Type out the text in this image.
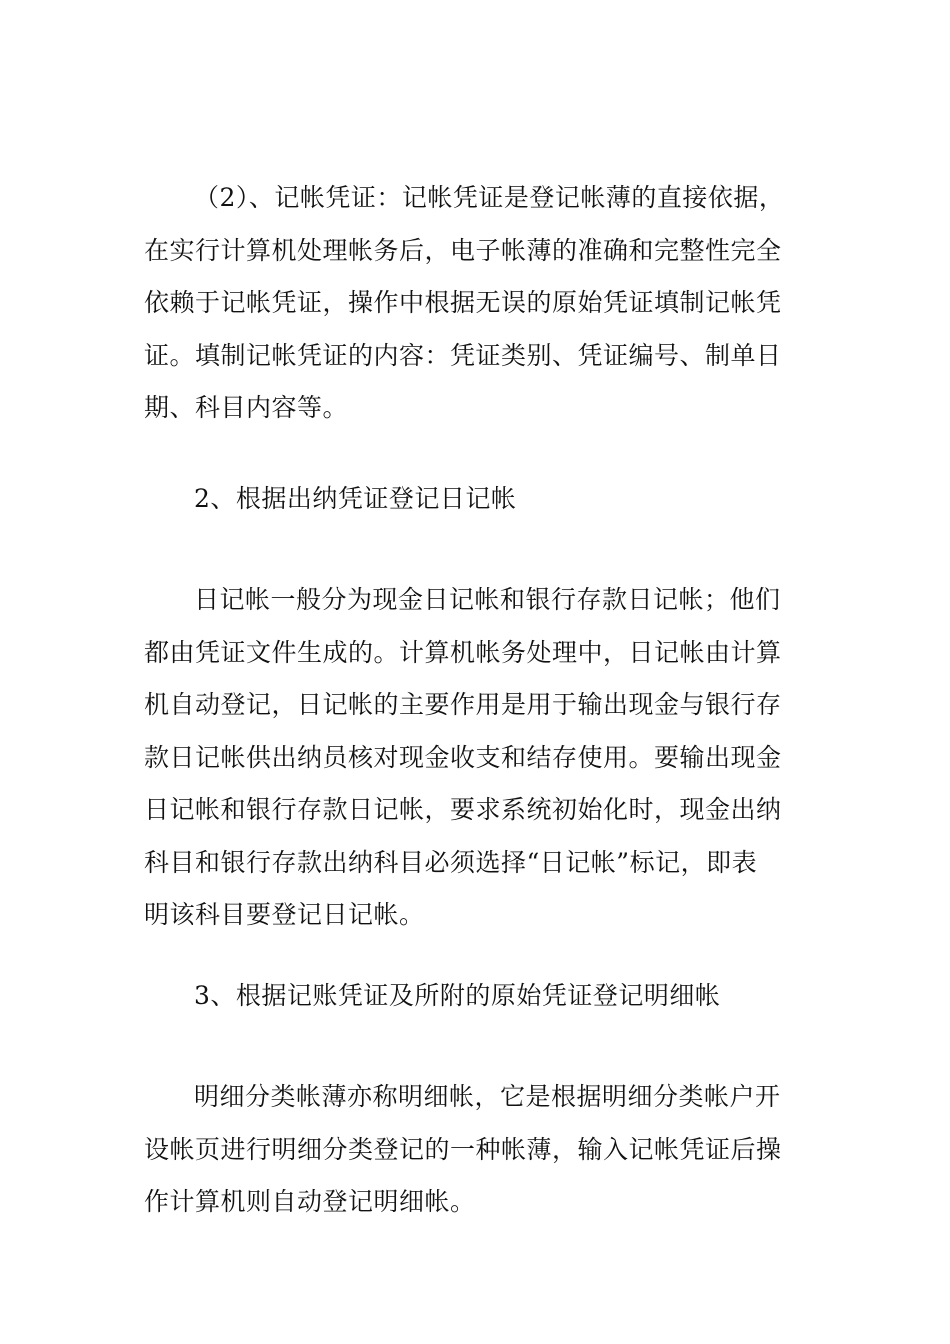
（2）、记帐凭证：记帐凭证是登记帐薄的直接依据，
在实行计算机处理帐务后，电子帐薄的准确和完整性完全
依赖于记帐凭证，操作中根据无误的原始凭证填制记帐凭
证。填制记帐凭证的内容：凭证类别、凭证编号、制单日
期、科目内容等。
2、根据出纳凭证登记日记帐
日记帐一般分为现金日记帐和银行存款日记帐；他们
都由凭证文件生成的。计算机帐务处理中，日记帐由计算
机自动登记，日记帐的主要作用是用于输出现金与银行存
款日记帐供出纳员核对现金收支和结存使用。要输出现金
日记帐和银行存款日记帐，要求系统初始化时，现金出纳
科目和银行存款出纳科目必须选择“日记帐”标记，即表
明该科目要登记日记帐。
3、根据记账凭证及所附的原始凭证登记明细帐
明细分类帐薄亦称明细帐，它是根据明细分类帐户开
设帐页进行明细分类登记的一种帐薄，输入记帐凭证后操
作计算机则自动登记明细帐。
